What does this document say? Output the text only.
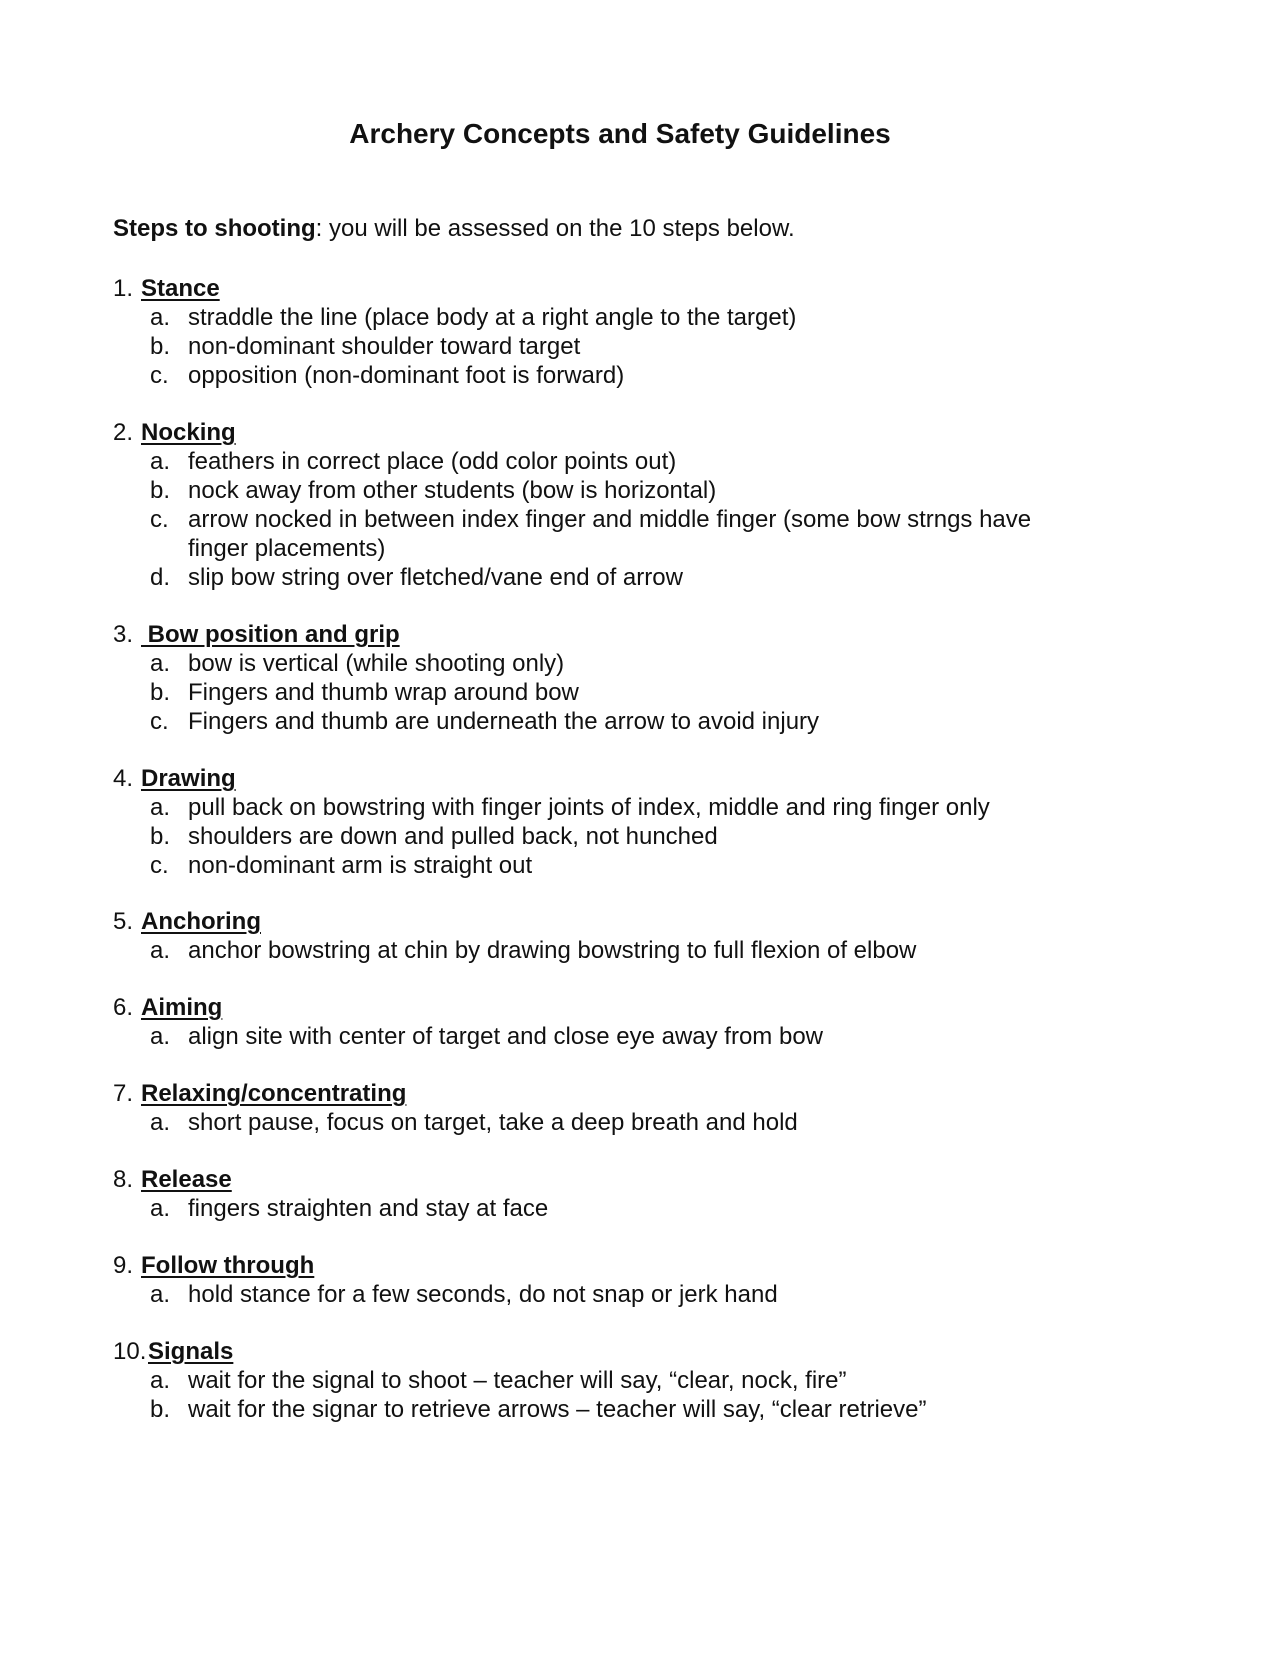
Archery Concepts and Safety Guidelines
Steps to shooting: you will be assessed on the 10 steps below.
1. Stance
a. straddle the line (place body at a right angle to the target)
b. non-dominant shoulder toward target
c. opposition (non-dominant foot is forward)
2. Nocking
a. feathers in correct place (odd color points out)
b. nock away from other students (bow is horizontal)
c. arrow nocked in between index finger and middle finger (some bow strngs have finger placements)
d. slip bow string over fletched/vane end of arrow
3. Bow position and grip
a. bow is vertical (while shooting only)
b. Fingers and thumb wrap around bow
c. Fingers and thumb are underneath the arrow to avoid injury
4. Drawing
a. pull back on bowstring with finger joints of index, middle and ring finger only
b. shoulders are down and pulled back, not hunched
c. non-dominant arm is straight out
5. Anchoring
a. anchor bowstring at chin by drawing bowstring to full flexion of elbow
6. Aiming
a. align site with center of target and close eye away from bow
7. Relaxing/concentrating
a. short pause, focus on target, take a deep breath and hold
8. Release
a. fingers straighten and stay at face
9. Follow through
a. hold stance for a few seconds, do not snap or jerk hand
10.Signals
a. wait for the signal to shoot – teacher will say, “clear, nock, fire”
b. wait for the signar to retrieve arrows – teacher will say, “clear retrieve”
